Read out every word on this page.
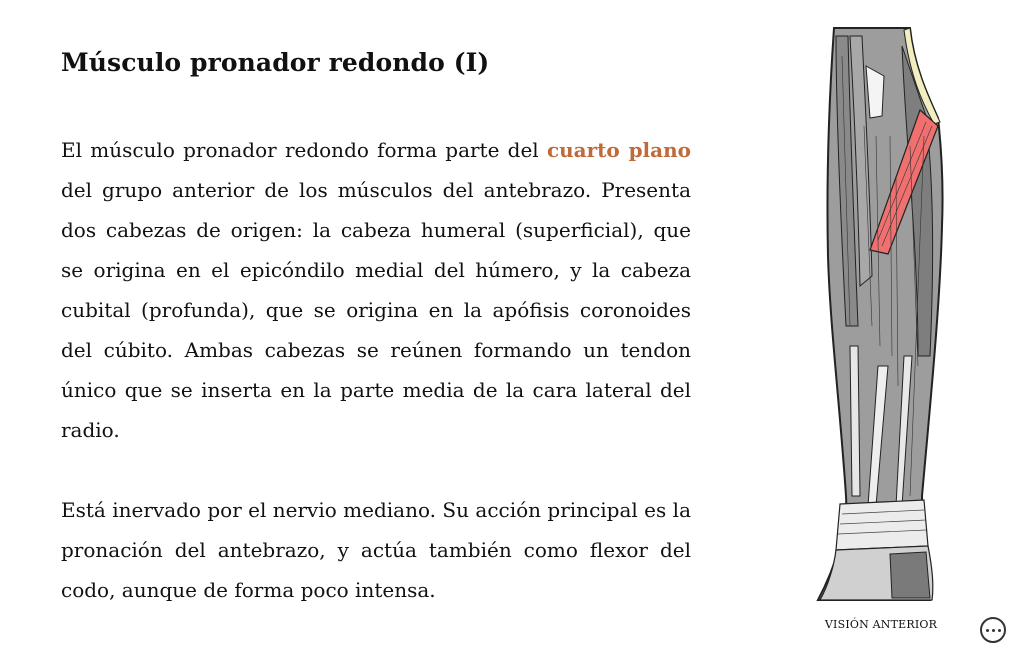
Músculo pronador redondo (I)

El músculo pronador redondo forma parte del cuarto plano del grupo anterior de los músculos del antebrazo. Presenta dos cabezas de origen: la cabeza humeral (superficial), que se origina en el epicóndilo medial del húmero, y la cabeza cubital (profunda), que se origina en la apófisis coronoides del cúbito. Ambas cabezas se reúnen formando un tendon único que se inserta en la parte media de la cara lateral del radio.

Está inervado por el nervio mediano. Su acción principal es la pronación del antebrazo, y actúa también como flexor del codo, aunque de forma poco intensa.

VISIÓN ANTERIOR
